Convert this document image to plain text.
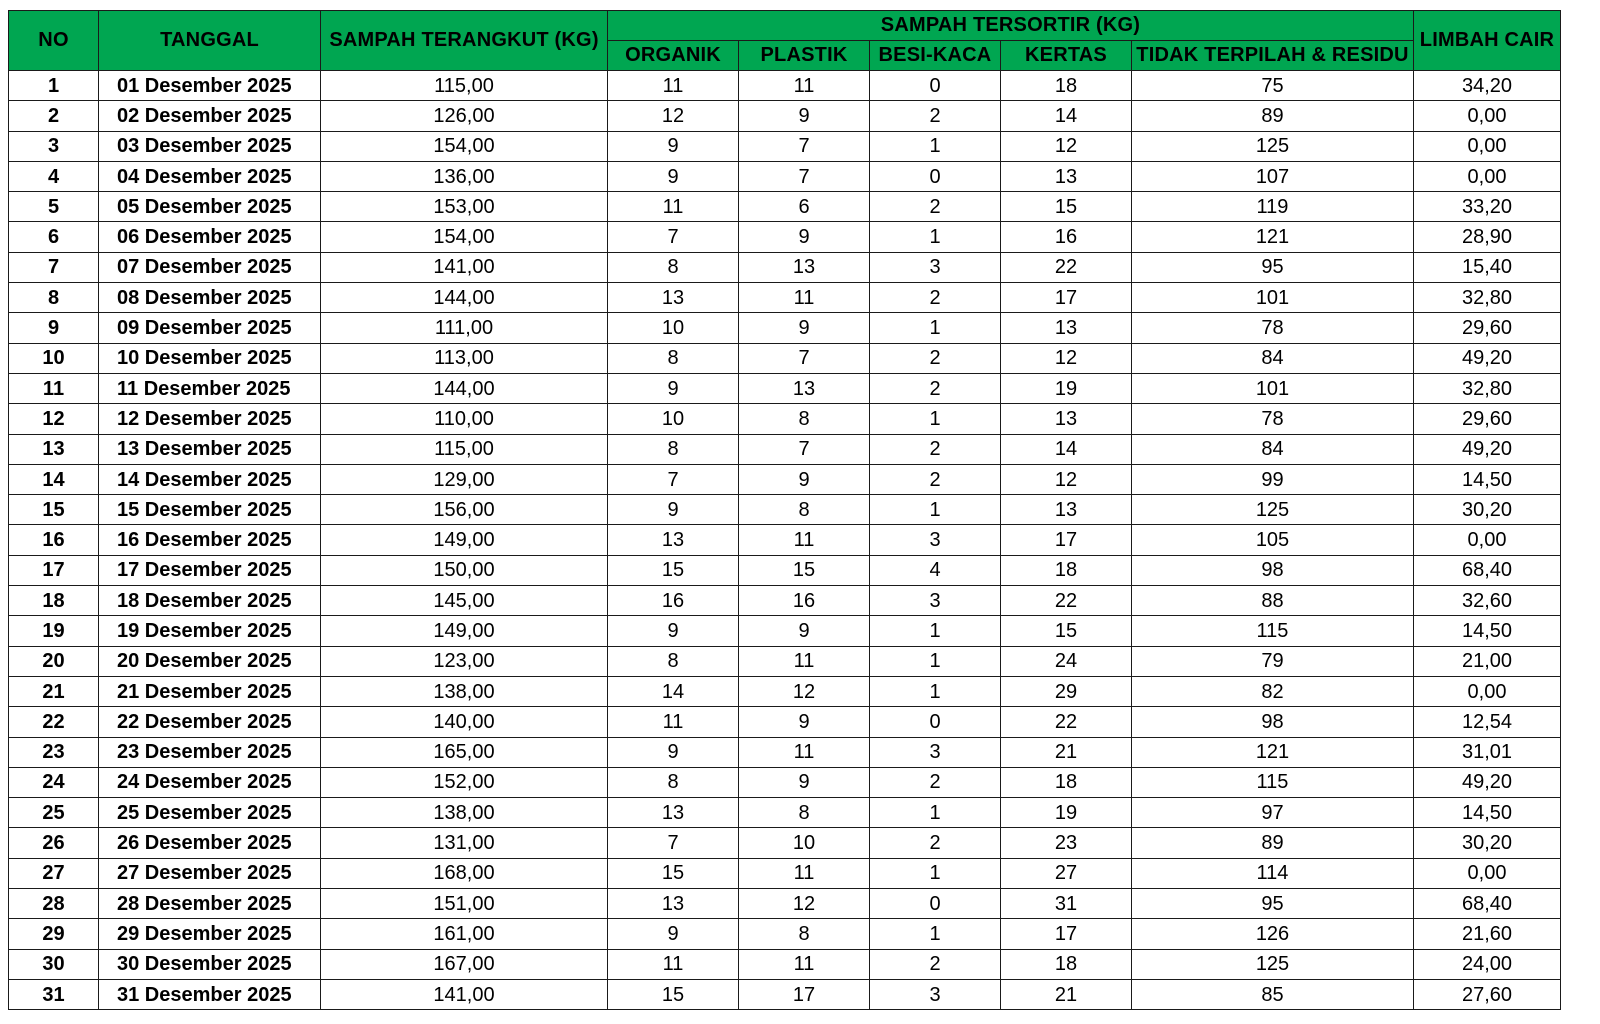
NO	TANGGAL	SAMPAH TERANGKUT (KG)	SAMPAH TERSORTIR (KG)					LIMBAH CAIR
			ORGANIK	PLASTIK	BESI-KACA	KERTAS	TIDAK TERPILAH & RESIDU	
1	01 Desember 2025	115,00	11	11	0	18	75	34,20
2	02 Desember 2025	126,00	12	9	2	14	89	0,00
3	03 Desember 2025	154,00	9	7	1	12	125	0,00
4	04 Desember 2025	136,00	9	7	0	13	107	0,00
5	05 Desember 2025	153,00	11	6	2	15	119	33,20
6	06 Desember 2025	154,00	7	9	1	16	121	28,90
7	07 Desember 2025	141,00	8	13	3	22	95	15,40
8	08 Desember 2025	144,00	13	11	2	17	101	32,80
9	09 Desember 2025	111,00	10	9	1	13	78	29,60
10	10 Desember 2025	113,00	8	7	2	12	84	49,20
11	11 Desember 2025	144,00	9	13	2	19	101	32,80
12	12 Desember 2025	110,00	10	8	1	13	78	29,60
13	13 Desember 2025	115,00	8	7	2	14	84	49,20
14	14 Desember 2025	129,00	7	9	2	12	99	14,50
15	15 Desember 2025	156,00	9	8	1	13	125	30,20
16	16 Desember 2025	149,00	13	11	3	17	105	0,00
17	17 Desember 2025	150,00	15	15	4	18	98	68,40
18	18 Desember 2025	145,00	16	16	3	22	88	32,60
19	19 Desember 2025	149,00	9	9	1	15	115	14,50
20	20 Desember 2025	123,00	8	11	1	24	79	21,00
21	21 Desember 2025	138,00	14	12	1	29	82	0,00
22	22 Desember 2025	140,00	11	9	0	22	98	12,54
23	23 Desember 2025	165,00	9	11	3	21	121	31,01
24	24 Desember 2025	152,00	8	9	2	18	115	49,20
25	25 Desember 2025	138,00	13	8	1	19	97	14,50
26	26 Desember 2025	131,00	7	10	2	23	89	30,20
27	27 Desember 2025	168,00	15	11	1	27	114	0,00
28	28 Desember 2025	151,00	13	12	0	31	95	68,40
29	29 Desember 2025	161,00	9	8	1	17	126	21,60
30	30 Desember 2025	167,00	11	11	2	18	125	24,00
31	31 Desember 2025	141,00	15	17	3	21	85	27,60
